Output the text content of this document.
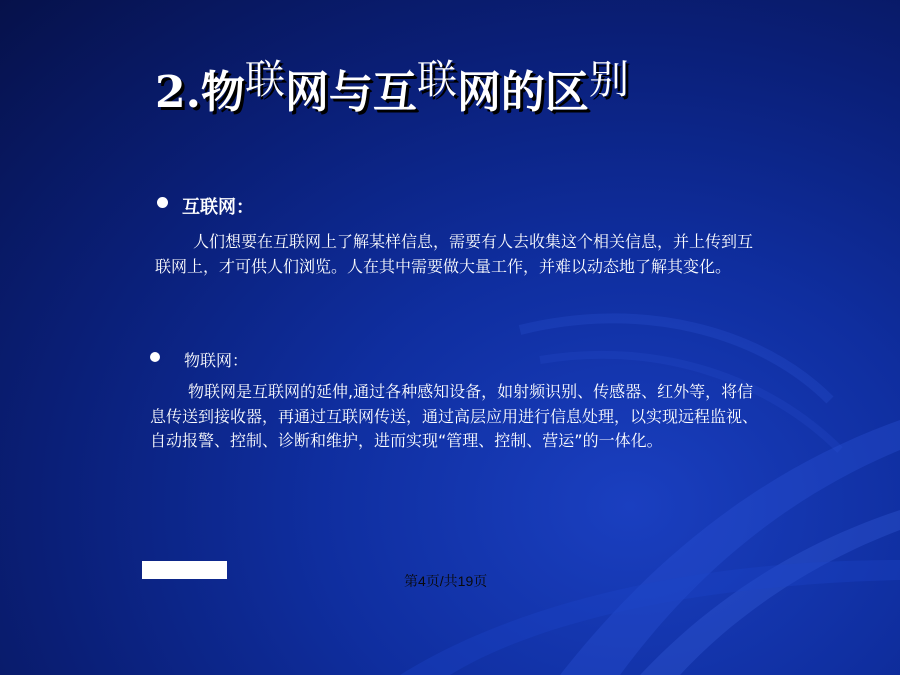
2.物联网与互联网的区别
互联网：
人们想要在互联网上了解某样信息，需要有人去收集这个相关信息，并上传到互联网上，才可供人们浏览。人在其中需要做大量工作，并难以动态地了解其变化。
物联网：
物联网是互联网的延伸,通过各种感知设备，如射频识别、传感器、红外等，将信息传送到接收器，再通过互联网传送，通过高层应用进行信息处理，以实现远程监视、自动报警、控制、诊断和维护，进而实现“管理、控制、营运”的一体化。
第4页/共19页
